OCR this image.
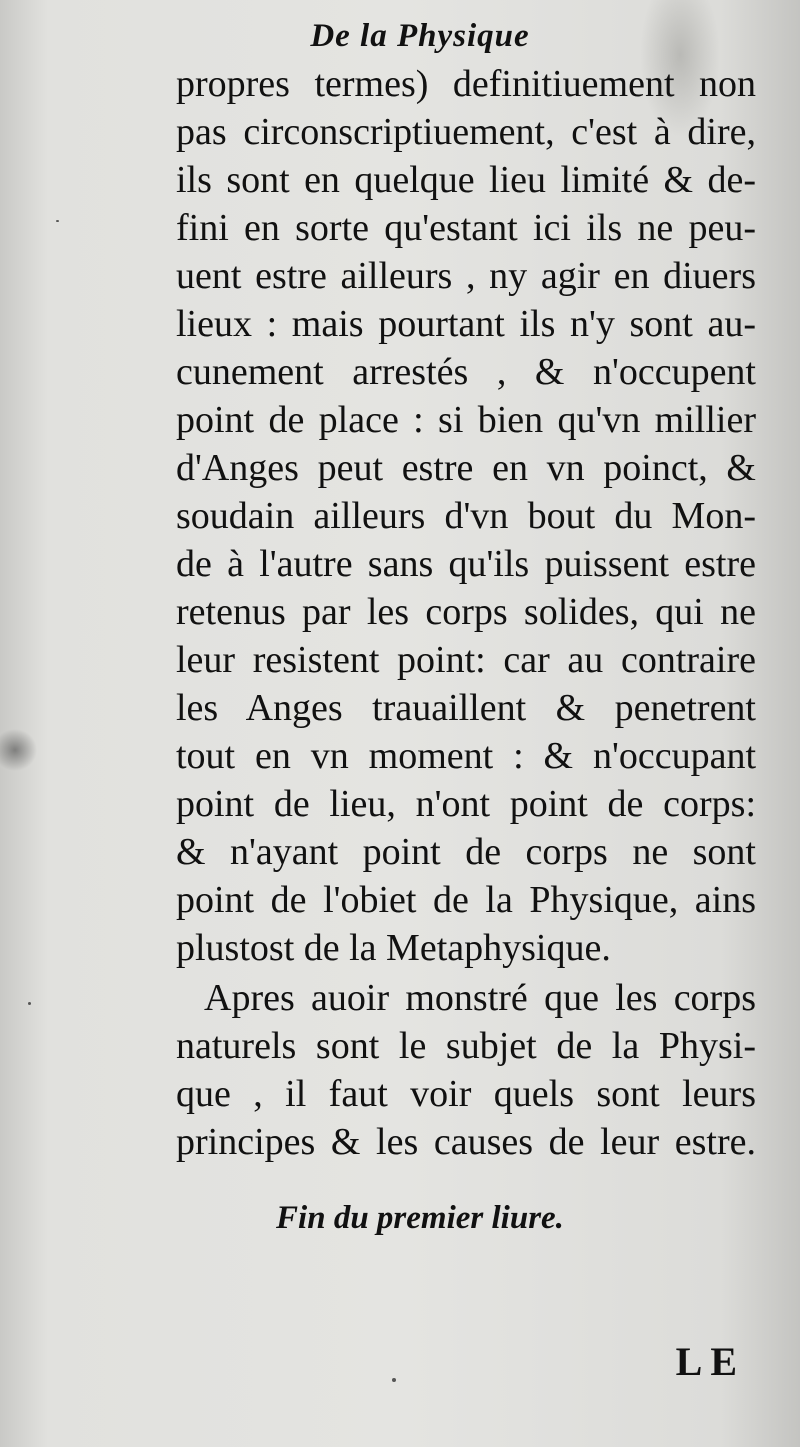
De la Physique
propres termes) definitiuement non
pas circonscriptiuement, c'est à dire,
ils sont en quelque lieu limité & de-
fini en sorte qu'estant ici ils ne peu-
uent estre ailleurs , ny agir en diuers
lieux : mais pourtant ils n'y sont au-
cunement arrestés , & n'occupent
point de place : si bien qu'vn millier
d'Anges peut estre en vn poinct, &
soudain ailleurs d'vn bout du Mon-
de à l'autre sans qu'ils puissent estre
retenus par les corps solides, qui ne
leur resistent point: car au contraire
les Anges trauaillent & penetrent
tout en vn moment : & n'occupant
point de lieu, n'ont point de corps:
& n'ayant point de corps ne sont
point de l'obiet de la Physique, ains
plustost de la Metaphysique.
Apres auoir monstré que les corps
naturels sont le subjet de la Physi-
que , il faut voir quels sont leurs
principes & les causes de leur estre.
Fin du premier liure.
LE
